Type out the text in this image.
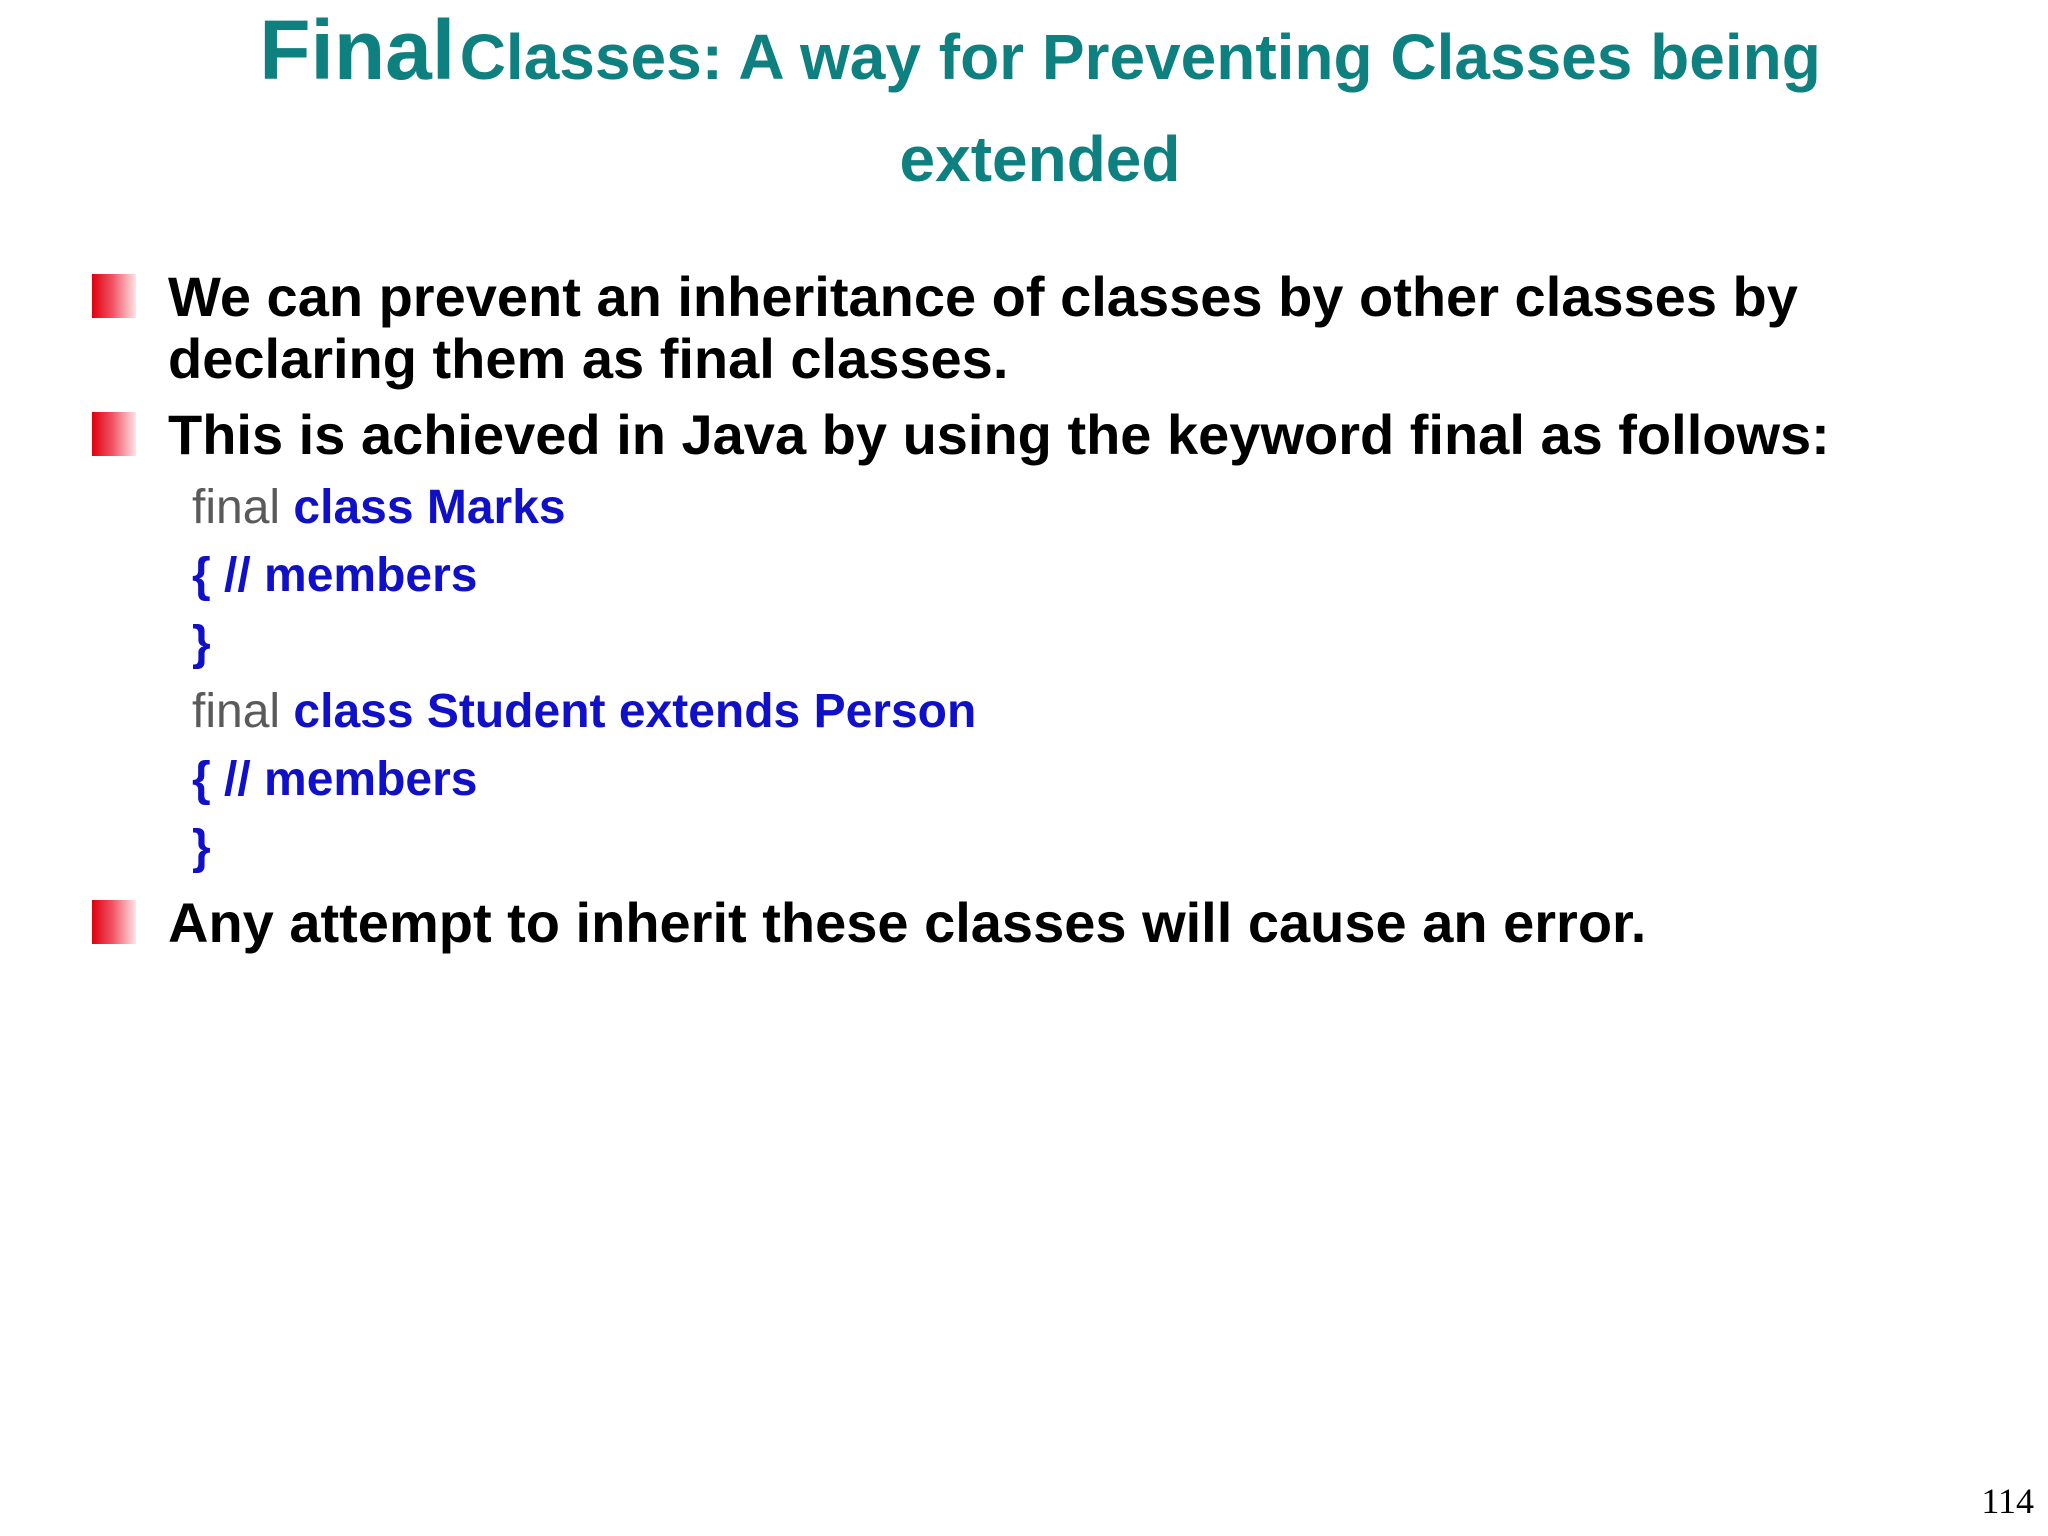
Final Classes: A way for Preventing Classes being extended

We can prevent an inheritance of classes by other classes by declaring them as final classes.

This is achieved in Java by using the keyword final as follows:

final class Marks
{ // members
}
final class Student extends Person
{ // members
}

Any attempt to inherit these classes will cause an error.

114
